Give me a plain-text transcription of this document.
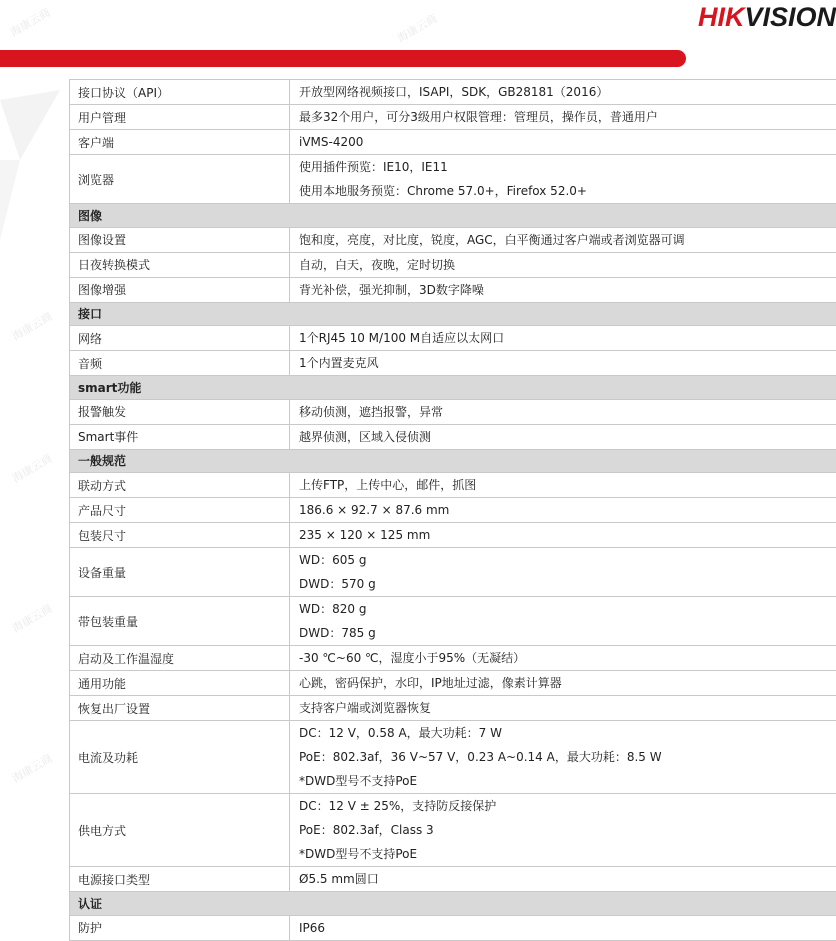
HIKVISION
海康云商	海康云商
海康云商
海康云商
海康云商
海康云商
接口协议（API）	开放型网络视频接口，ISAPI，SDK，GB28181（2016）

用户管理	最多32个用户，可分3级用户权限管理：管理员，操作员，普通用户

客户端	iVMS-4200

浏览器	使用插件预览：IE10，IE11
使用本地服务预览：Chrome 57.0+，Firefox 52.0+

图像	
图像设置	饱和度，亮度，对比度，锐度，AGC，白平衡通过客户端或者浏览器可调

日夜转换模式	自动，白天，夜晚，定时切换

图像增强	背光补偿，强光抑制，3D数字降噪

接口	
网络	1个RJ45 10 M/100 M自适应以太网口

音频	1个内置麦克风

smart功能	
报警触发	移动侦测，遮挡报警，异常

Smart事件	越界侦测，区域入侵侦测

一般规范	
联动方式	上传FTP，上传中心，邮件，抓图

产品尺寸	186.6 × 92.7 × 87.6 mm

包装尺寸	235 × 120 × 125 mm

设备重量	WD：605 g
DWD：570 g

带包装重量	WD：820 g
DWD：785 g

启动及工作温湿度	-30 ℃~60 ℃，湿度小于95%（无凝结）

通用功能	心跳，密码保护，水印，IP地址过滤，像素计算器

恢复出厂设置	支持客户端或浏览器恢复

电流及功耗	DC：12 V，0.58 A，最大功耗：7 W
PoE：802.3af，36 V~57 V，0.23 A~0.14 A，最大功耗：8.5 W
*DWD型号不支持PoE

供电方式	DC：12 V ± 25%，支持防反接保护
PoE：802.3af，Class 3
*DWD型号不支持PoE

电源接口类型	Ø5.5 mm圆口

认证	
防护	IP66
